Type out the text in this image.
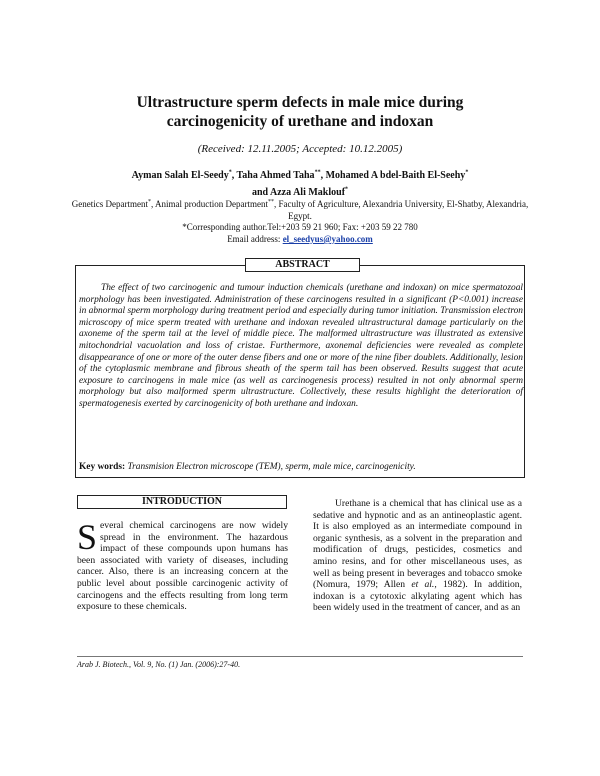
Ultrastructure sperm defects in male mice during
carcinogenicity of urethane and indoxan
(Received: 12.11.2005; Accepted: 10.12.2005)
Ayman Salah El-Seedy*, Taha Ahmed Taha**, Mohamed A bdel-Baith El-Seehy*
and Azza Ali Maklouf*
Genetics Department*, Animal production Department**, Faculty of Agriculture, Alexandria University, El-Shatby, Alexandria, Egypt.
*Corresponding author.Tel:+203 59 21 960; Fax: +203 59 22 780
Email address: el_seedyus@yahoo.com
ABSTRACT

The effect of two carcinogenic and tumour induction chemicals (urethane and indoxan) on mice spermatozoal morphology has been investigated. Administration of these carcinogens resulted in a significant (P<0.001) increase in abnormal sperm morphology during treatment period and especially during tumor initiation. Transmission electron microscopy of mice sperm treated with urethane and indoxan revealed ultrastructural damage particularly on the axoneme of the sperm tail at the level of middle piece. The malformed ultrastructure was illustrated as extensive mitochondrial vacuolation and loss of cristae. Furthermore, axonemal deficiencies were revealed as complete disappearance of one or more of the outer dense fibers and one or more of the nine fiber doublets. Additionally, lesion of the cytoplasmic membrane and fibrous sheath of the sperm tail has been observed. Results suggest that acute exposure to carcinogens in male mice (as well as carcinogenesis process) resulted in not only abnormal sperm morphology but also malformed sperm ultrastructure. Collectively, these results highlight the deterioration of spermatogenesis exerted by carcinogenicity of both urethane and indoxan.

Key words: Transmision Electron microscope (TEM), sperm, male mice, carcinogenicity.
INTRODUCTION

Several chemical carcinogens are now widely spread in the environment. The hazardous impact of these compounds upon humans has been associated with variety of diseases, including cancer. Also, there is an increasing concern at the public level about possible carcinogenic activity of carcinogens and the effects resulting from long term exposure to these chemicals.

Urethane is a chemical that has clinical use as a sedative and hypnotic and as an antineoplastic agent. It is also employed as an intermediate compound in organic synthesis, as a solvent in the preparation and modification of drugs, pesticides, cosmetics and amino resins, and for other miscellaneous uses, as well as being present in beverages and tobacco smoke (Nomura, 1979; Allen et al., 1982). In addition, indoxan is a cytotoxic alkylating agent which has been widely used in the treatment of cancer, and as an

Arab J. Biotech., Vol. 9, No. (1) Jan. (2006):27-40.
